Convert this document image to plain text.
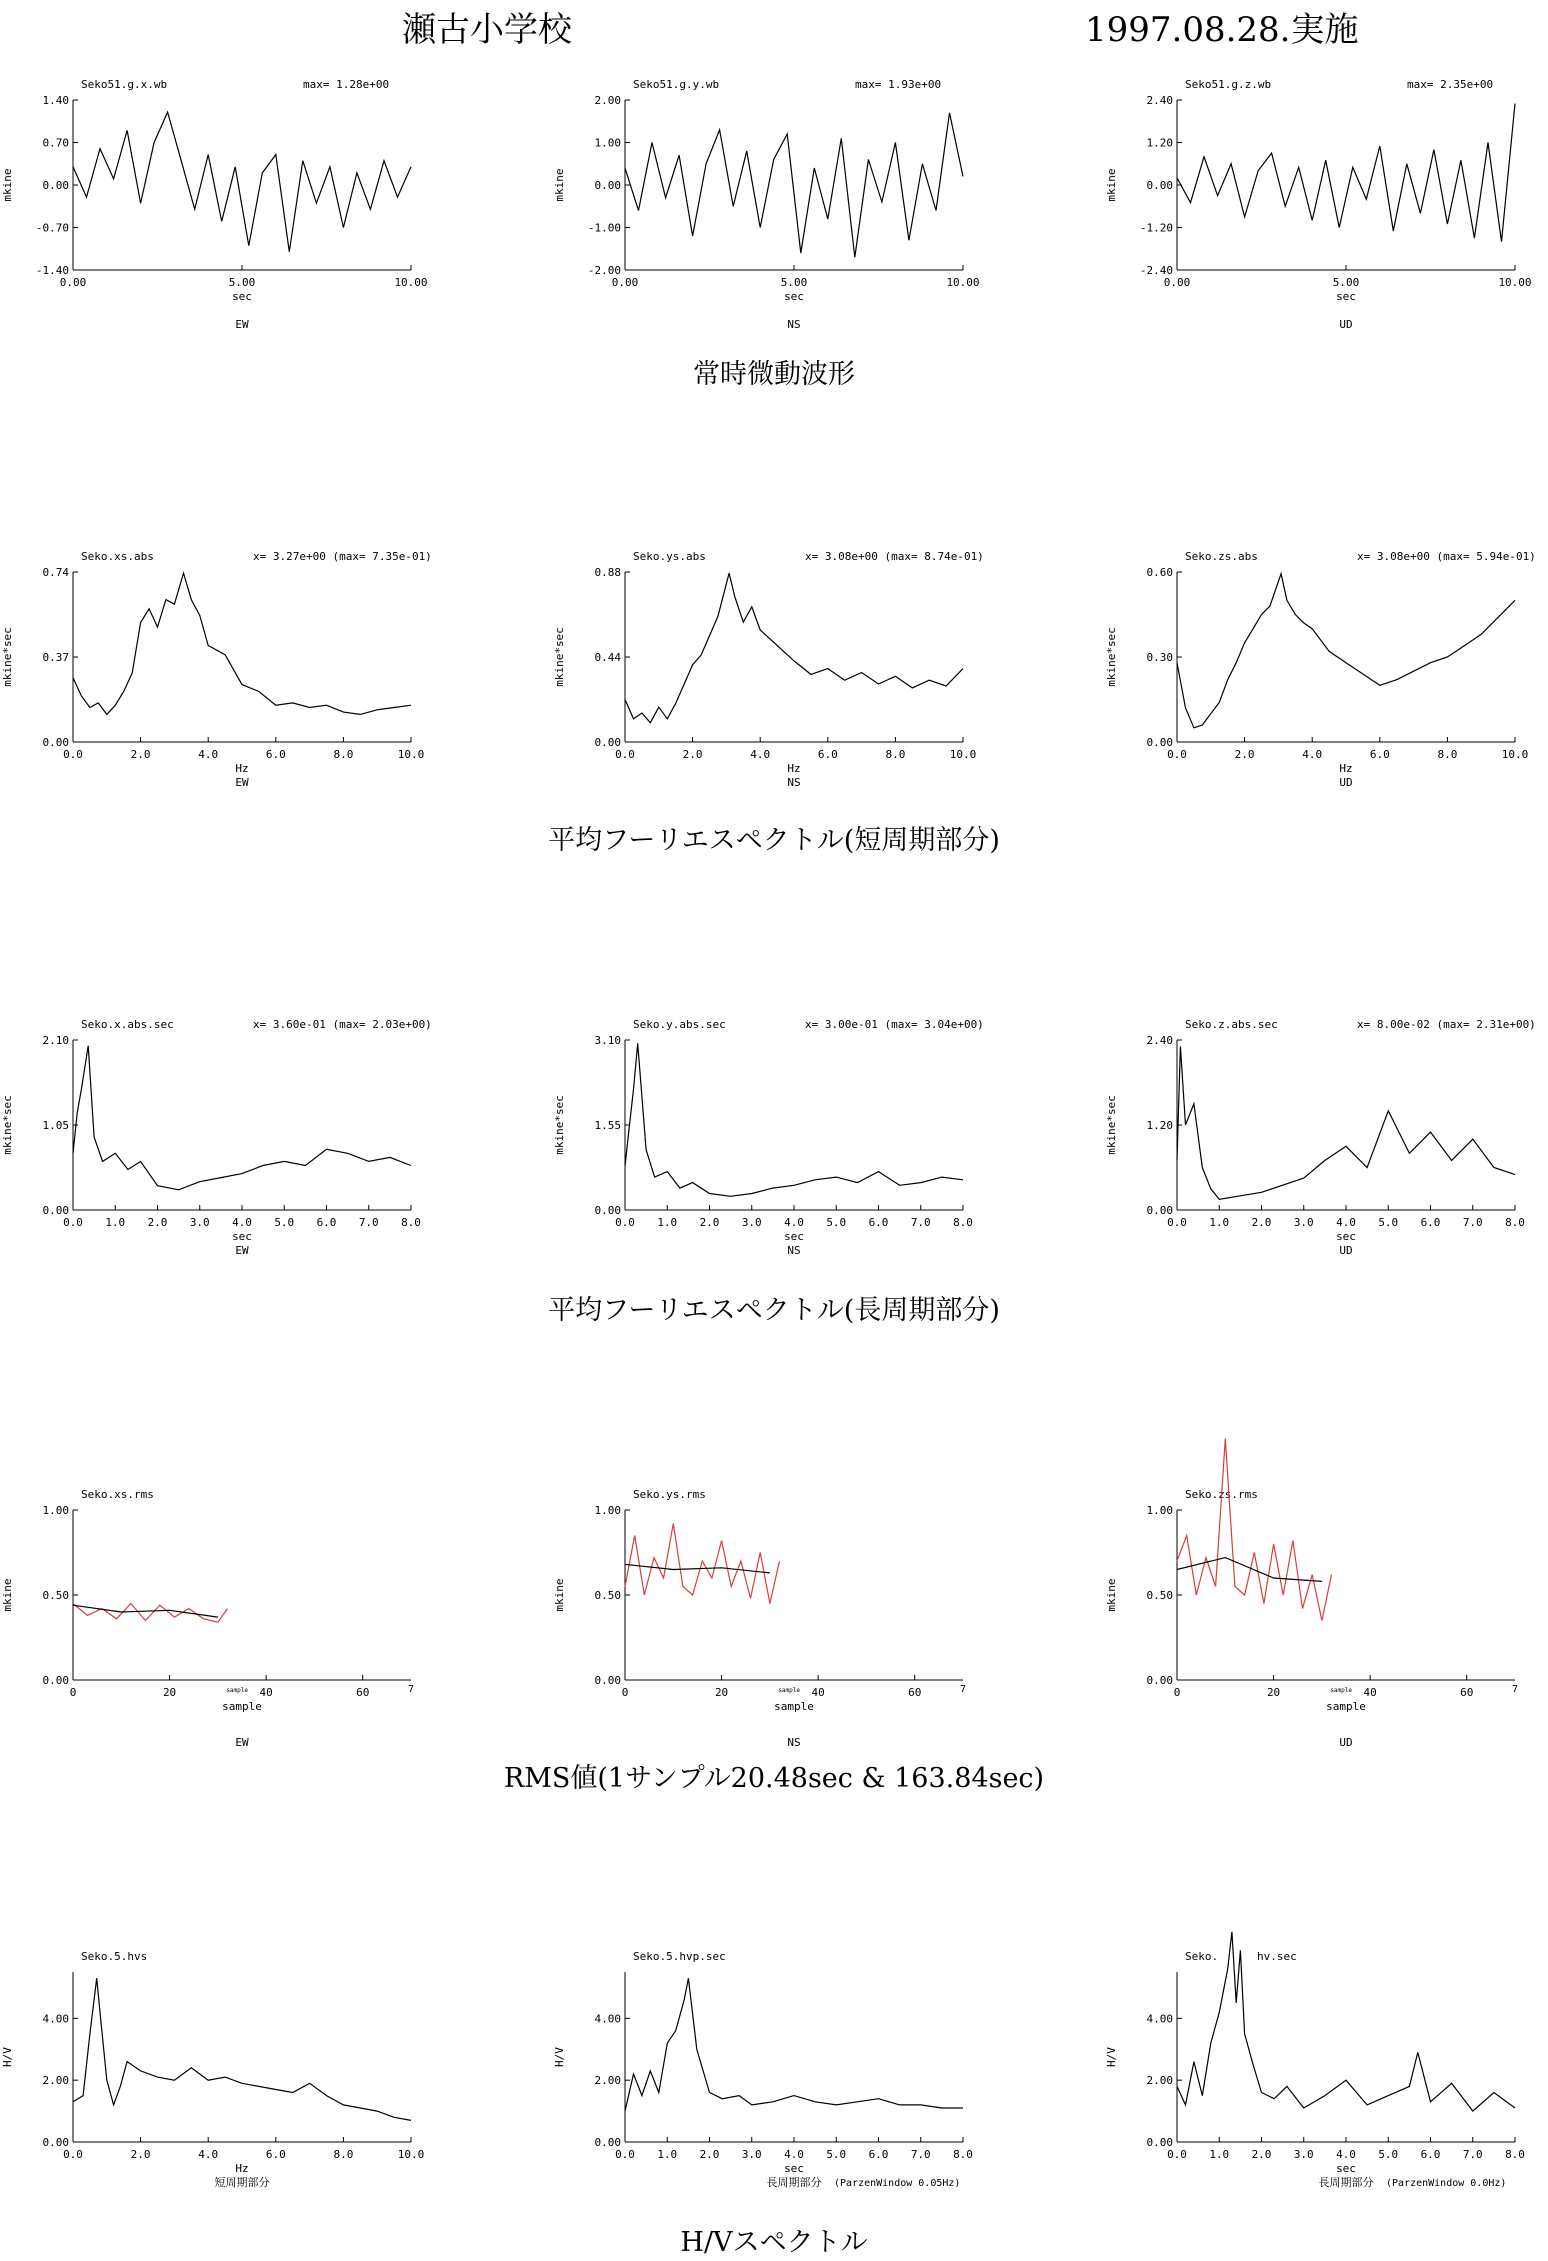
瀬古小学校	1997.08.28.実施
常時微動波形
平均フーリエスペクトル(短周期部分)
平均フーリエスペクトル(長周期部分)
RMS値(1サンプル20.48sec & 163.84sec)
H/Vスペクトル
Seko51.g.x.wb	max= 1.28e+00
1.40
0.70
0.00
-0.70
-1.40
0.00	5.00	10.00
sec
mkine
EW
Seko51.g.y.wb	max= 1.93e+00
2.00
1.00
0.00
-1.00
-2.00
0.00	5.00	10.00
sec
mkine
NS
Seko51.g.z.wb	max= 2.35e+00
2.40
1.20
0.00
-1.20
-2.40
0.00	5.00	10.00
sec
mkine
UD
Seko.xs.abs	x= 3.27e+00 (max= 7.35e-01)
0.74
0.37
0.00
0.0	2.0	4.0	6.0	8.0	10.0
Hz
mkine*sec
EW
Seko.ys.abs	x= 3.08e+00 (max= 8.74e-01)
0.88
0.44
0.00
0.0	2.0	4.0	6.0	8.0	10.0
Hz
mkine*sec
NS
Seko.zs.abs	x= 3.08e+00 (max= 5.94e-01)
0.60
0.30
0.00
0.0	2.0	4.0	6.0	8.0	10.0
Hz
mkine*sec
UD
Seko.x.abs.sec	x= 3.60e-01 (max= 2.03e+00)
2.10
1.05
0.00
0.0 1.0 2.0 3.0 4.0 5.0 6.0 7.0 8.0
sec
mkine*sec
EW
Seko.y.abs.sec	x= 3.00e-01 (max= 3.04e+00)
3.10
1.55
0.00
0.0 1.0 2.0 3.0 4.0 5.0 6.0 7.0 8.0
sec
mkine*sec
NS
Seko.z.abs.sec	x= 8.00e-02 (max= 2.31e+00)
2.40
1.20
0.00
0.0 1.0 2.0 3.0 4.0 5.0 6.0 7.0 8.0
sec
mkine*sec
UD
Seko.xs.rms
1.00
0.50
0.00
0	20	40	60	7
sample
sample
mkine
EW
Seko.ys.rms
1.00
0.50
0.00
0	20	40	60	7
sample
sample
mkine
NS
Seko.zs.rms
1.00
0.50
0.00
0	20	40	60	7
sample
sample
mkine
UD
Seko.5.hvs
4.00
2.00
0.00
0.0	2.0	4.0	6.0	8.0	10.0
Hz
H/V
短周期部分
Seko.5.hvp.sec
4.00
2.00
0.00
0.0 1.0 2.0 3.0 4.0 5.0 6.0 7.0 8.0
sec
H/V
長周期部分 (ParzenWindow 0.05Hz)
Seko.	hv.sec
4.00
2.00
0.00
0.0 1.0 2.0 3.0 4.0 5.0 6.0 7.0 8.0
sec
H/V
長周期部分 (ParzenWindow 0.0Hz)
